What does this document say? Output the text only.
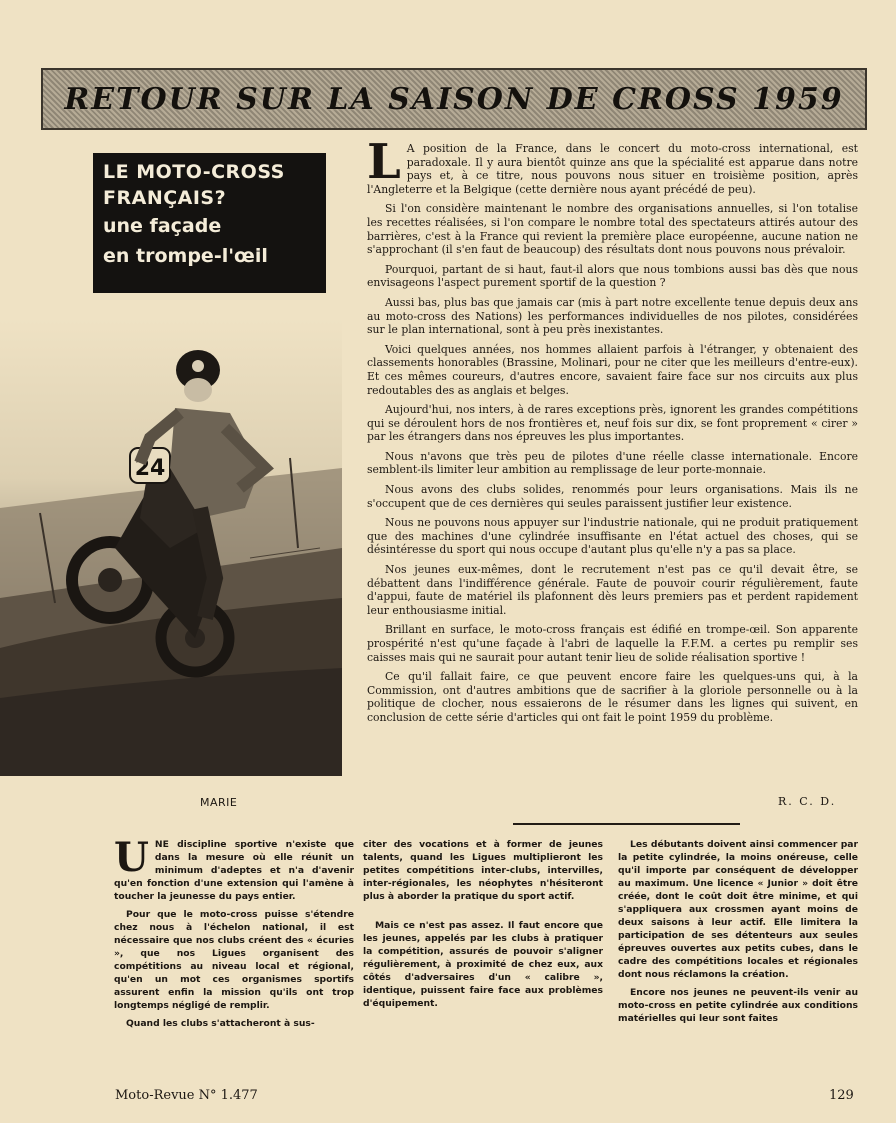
RETOUR SUR LA SAISON DE CROSS 1959
LE MOTO-CROSS
FRANÇAIS?
une façade
en trompe-l'œil
24
MARIE

L A position de la France, dans le concert du moto-cross international, est paradoxale. Il y aura bientôt quinze ans que la spécialité est apparue dans notre pays et, à ce titre, nous pouvons nous situer en troisième position, après l'Angleterre et la Belgique (cette dernière nous ayant précédé de peu).

Si l'on considère maintenant le nombre des organisations annuelles, si l'on totalise les recettes réalisées, si l'on compare le nombre total des spectateurs attirés autour des barrières, c'est à la France qui revient la première place européenne, aucune nation ne s'approchant (il s'en faut de beaucoup) des résultats dont nous pouvons nous prévaloir.

Pourquoi, partant de si haut, faut-il alors que nous tombions aussi bas dès que nous envisageons l'aspect purement sportif de la question ?

Aussi bas, plus bas que jamais car (mis à part notre excellente tenue depuis deux ans au moto-cross des Nations) les performances individuelles de nos pilotes, considérées sur le plan international, sont à peu près inexistantes.

Voici quelques années, nos hommes allaient parfois à l'étranger, y obtenaient des classements honorables (Brassine, Molinari, pour ne citer que les meilleurs d'entre-eux). Et ces mêmes coureurs, d'autres encore, savaient faire face sur nos circuits aux plus redoutables des as anglais et belges.

Aujourd'hui, nos inters, à de rares exceptions près, ignorent les grandes compétitions qui se déroulent hors de nos frontières et, neuf fois sur dix, se font proprement « cirer » par les étrangers dans nos épreuves les plus importantes.

Nous n'avons que très peu de pilotes d'une réelle classe internationale. Encore semblent-ils limiter leur ambition au remplissage de leur porte-monnaie.

Nous avons des clubs solides, renommés pour leurs organisations. Mais ils ne s'occupent que de ces dernières qui seules paraissent justifier leur existence.

Nous ne pouvons nous appuyer sur l'industrie nationale, qui ne produit pratiquement que des machines d'une cylindrée insuffisante en l'état actuel des choses, qui se désintéresse du sport qui nous occupe d'autant plus qu'elle n'y a pas sa place.

Nos jeunes eux-mêmes, dont le recrutement n'est pas ce qu'il devait être, se débattent dans l'indifférence générale. Faute de pouvoir courir régulièrement, faute d'appui, faute de matériel ils plafonnent dès leurs premiers pas et perdent rapidement leur enthousiasme initial.

Brillant en surface, le moto-cross français est édifié en trompe-œil. Son apparente prospérité n'est qu'une façade à l'abri de laquelle la F.F.M. a certes pu remplir ses caisses mais qui ne saurait pour autant tenir lieu de solide réalisation sportive !

Ce qu'il fallait faire, ce que peuvent encore faire les quelques-uns qui, à la Commission, ont d'autres ambitions que de sacrifier à la gloriole personnelle ou à la politique de clocher, nous essaierons de le résumer dans les lignes qui suivent, en conclusion de cette série d'articles qui ont fait le point 1959 du problème.

R. C. D.

UNE discipline sportive n'existe que dans la mesure où elle réunit un minimum d'adeptes et n'a d'avenir qu'en fonction d'une extension qui l'amène à toucher la jeunesse du pays entier.

Pour que le moto-cross puisse s'étendre chez nous à l'échelon national, il est nécessaire que nos clubs créent des « écuries », que nos Ligues organisent des compétitions au niveau local et régional, qu'en un mot ces organismes sportifs assurent enfin la mission qu'ils ont trop longtemps négligé de remplir.

Quand les clubs s'attacheront à sus-

citer des vocations et à former de jeunes talents, quand les Ligues multiplieront les petites compétitions inter-clubs, intervilles, inter-régionales, les néophytes n'hésiteront plus à aborder la pratique du sport actif.

Mais ce n'est pas assez. Il faut encore que les jeunes, appelés par les clubs à pratiquer la compétition, assurés de pouvoir s'aligner régulièrement, à proximité de chez eux, aux côtés d'adversaires d'un « calibre », identique, puissent faire face aux problèmes d'équipement.

Les débutants doivent ainsi commencer par la petite cylindrée, la moins onéreuse, celle qu'il importe par conséquent de développer au maximum. Une licence « Junior » doit être créée, dont le coût doit être minime, et qui s'appliquera aux crossmen ayant moins de deux saisons à leur actif. Elle limitera la participation de ses détenteurs aux seules épreuves ouvertes aux petits cubes, dans le cadre des compétitions locales et régionales dont nous réclamons la création.

Encore nos jeunes ne peuvent-ils venir au moto-cross en petite cylindrée aux conditions matérielles qui leur sont faites

Moto-Revue N° 1.477	129
